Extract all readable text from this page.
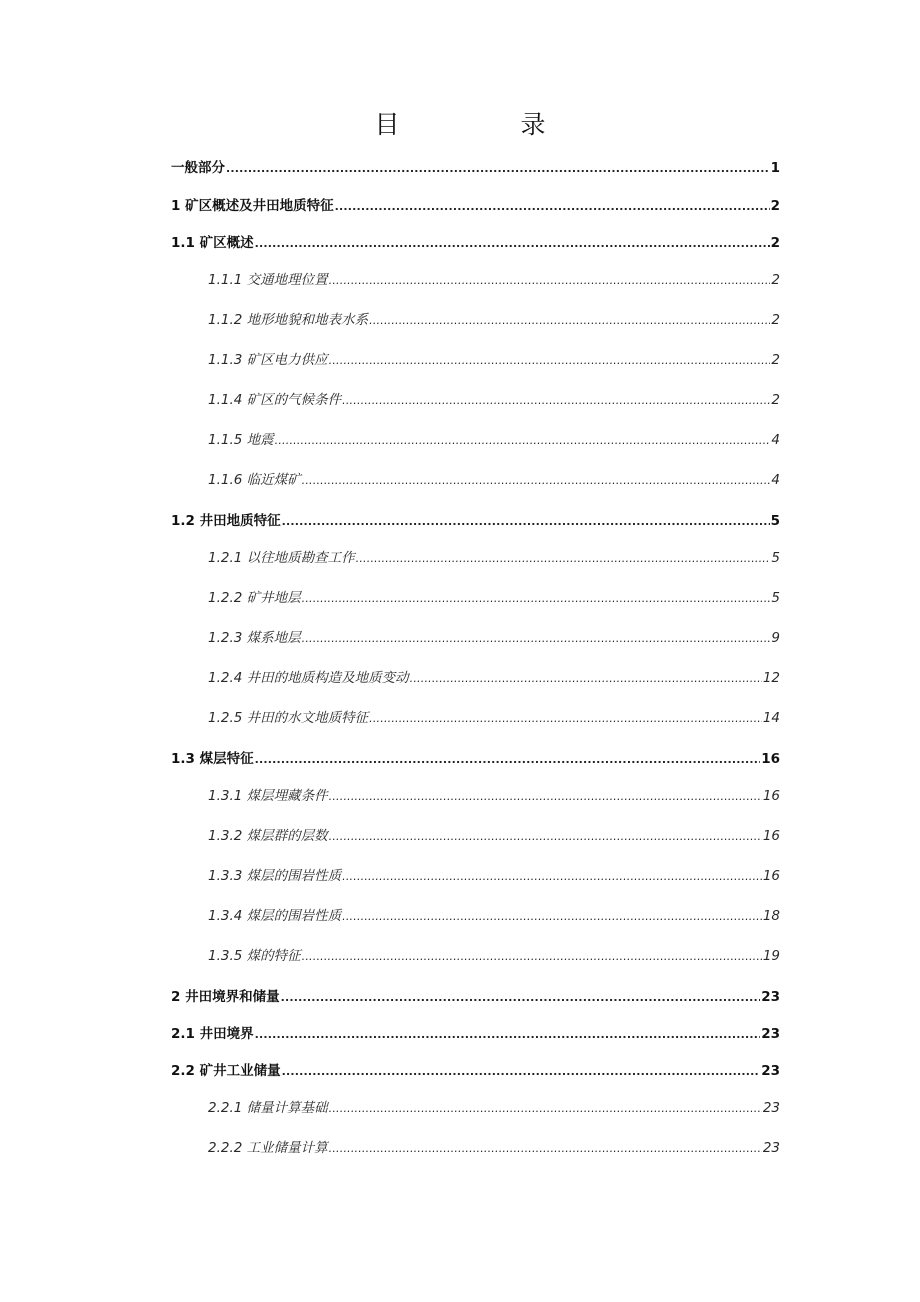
目　录
一般部分 .....	1
1 矿区概述及井田地质特征 .....	2
1.1 矿区概述 .....	2
1.1.1 交通地理位置 .....	2
1.1.2 地形地貌和地表水系 .....	2
1.1.3 矿区电力供应 .....	2
1.1.4 矿区的气候条件 .....	2
1.1.5 地震 .....	4
1.1.6 临近煤矿 .....	4
1.2 井田地质特征 .....	5
1.2.1 以往地质勘查工作 .....	5
1.2.2 矿井地层 .....	5
1.2.3 煤系地层 .....	9
1.2.4 井田的地质构造及地质变动 .....	12
1.2.5 井田的水文地质特征 .....	14
1.3 煤层特征 .....	16
1.3.1 煤层埋藏条件 .....	16
1.3.2 煤层群的层数 .....	16
1.3.3 煤层的围岩性质 .....	16
1.3.4 煤层的围岩性质 .....	18
1.3.5 煤的特征 .....	19
2 井田境界和储量 .....	23
2.1 井田境界 .....	23
2.2 矿井工业储量 .....	23
2.2.1 储量计算基础 .....	23
2.2.2 工业储量计算 .....	23
